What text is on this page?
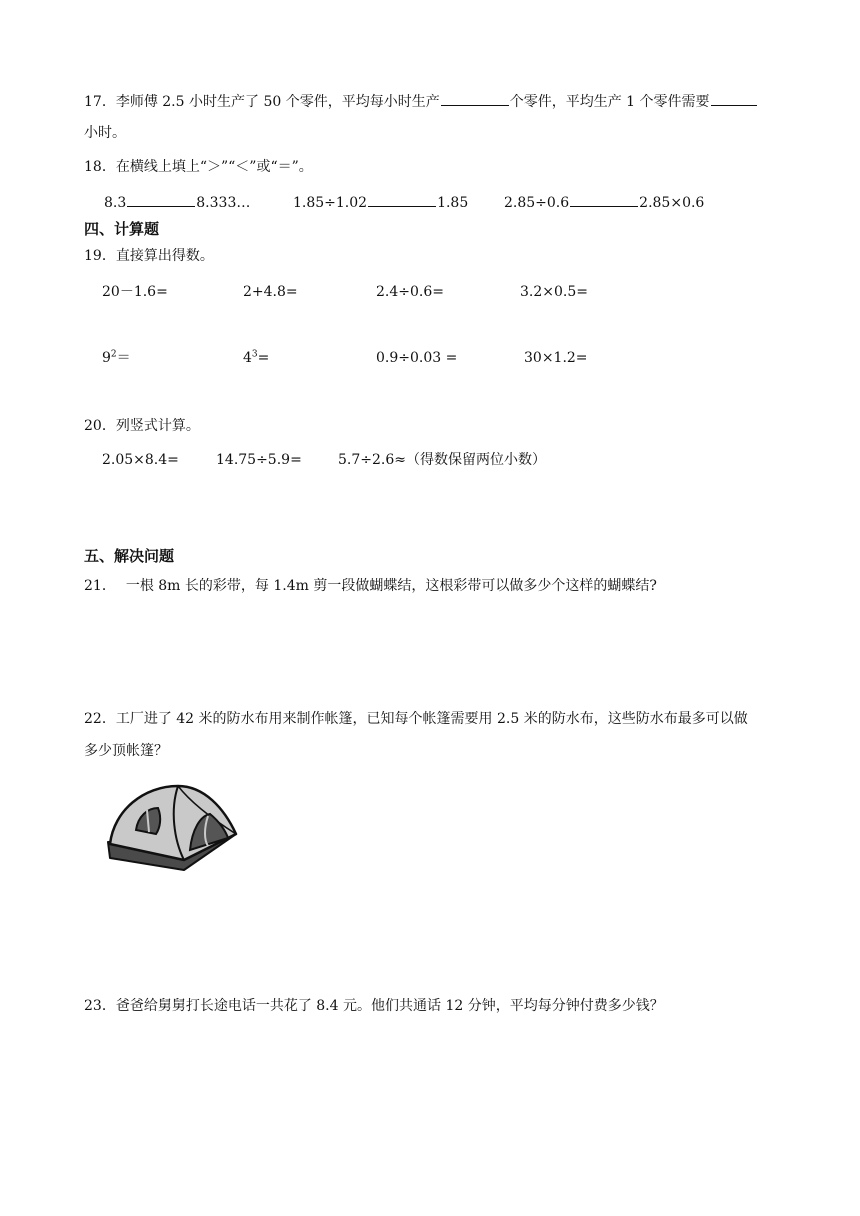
17．李师傅 2.5 小时生产了 50 个零件，平均每小时生产	个零件，平均生产 1 个零件需要
小时。
18．在横线上填上“＞”“＜”或“＝”。
8.3	8.333…	1.85÷1.02	1.85	2.85÷0.6	2.85×0.6
四、计算题
19．直接算出得数。
20－1.6=	2+4.8=	2.4÷0.6=	3.2×0.5=
$9^2=$	$4^3=$	0.9÷0.03 =	30×1.2=
20．列竖式计算。
2.05×8.4=	14.75÷5.9=	5.7÷2.6≈（得数保留两位小数）
五、解决问题
21． 一根 8m 长的彩带，每 1.4m 剪一段做蝴蝶结，这根彩带可以做多少个这样的蝴蝶结?
22．工厂进了 42 米的防水布用来制作帐篷，已知每个帐篷需要用 2.5 米的防水布，这些防水布最多可以做
多少顶帐篷？
23．爸爸给舅舅打长途电话一共花了 8.4 元。他们共通话 12 分钟，平均每分钟付费多少钱？
